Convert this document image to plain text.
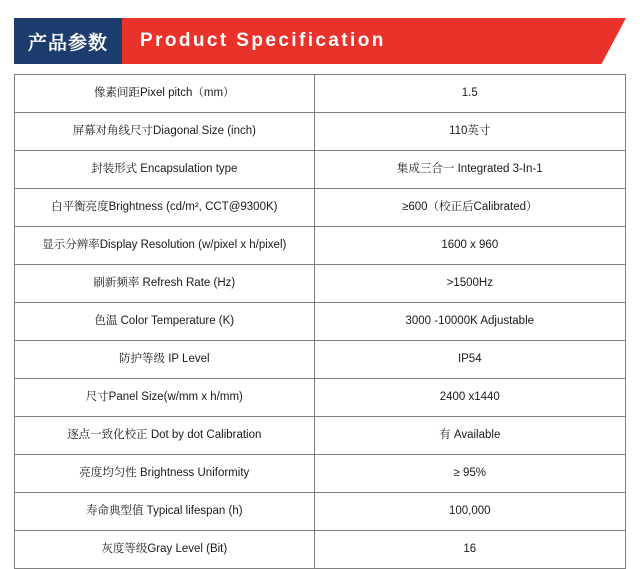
产品参数	Product Specification
像素间距Pixel pitch（mm）	1.5
屏幕对角线尺寸Diagonal Size (inch)	110英寸
封装形式 Encapsulation type	集成三合一 Integrated 3-In-1
白平衡亮度Brightness (cd/m², CCT@9300K)	≥600（校正后Calibrated）
显示分辨率Display Resolution (w/pixel x h/pixel)	1600 x 960
刷新频率 Refresh Rate (Hz)	>1500Hz
色温 Color Temperature (K)	3000 -10000K Adjustable
防护等级 IP Level	IP54
尺寸Panel Size(w/mm x h/mm)	2400 x1440
逐点一致化校正 Dot by dot Calibration	有 Available
亮度均匀性 Brightness Uniformity	≥ 95%
寿命典型值 Typical lifespan (h)	100,000
灰度等级Gray Level (Bit)	16
